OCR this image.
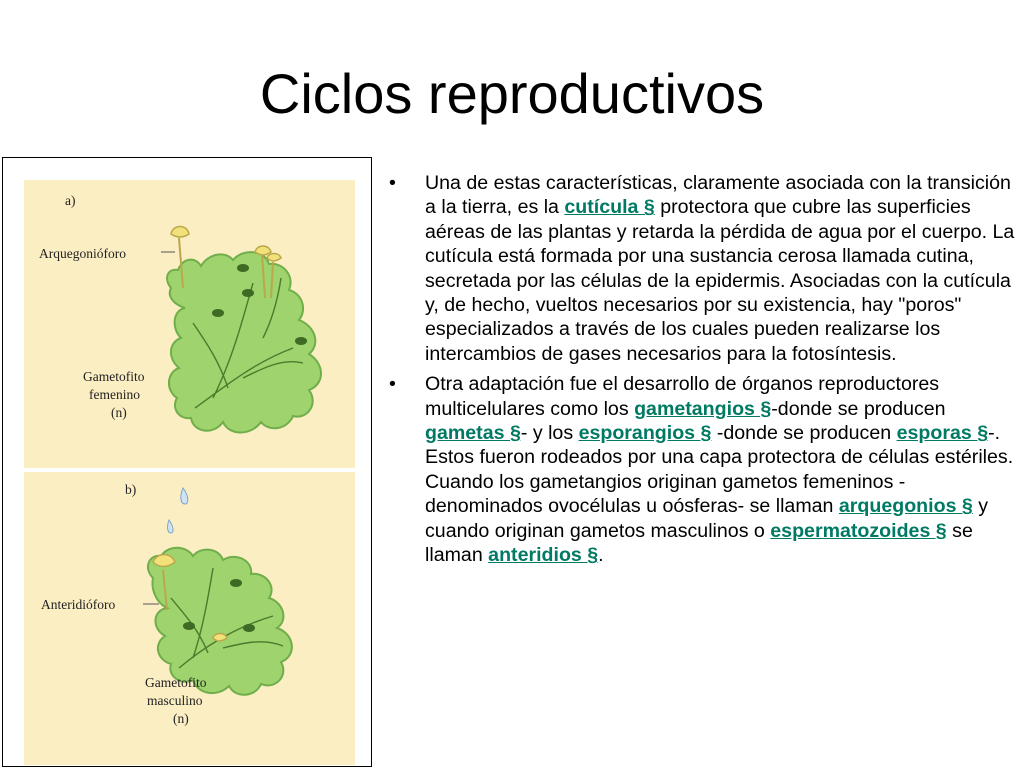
Ciclos reproductivos
a)
Arquegonióforo
Gametofito
femenino
(n)
b)
Anteridióforo
Gametofito
masculino
(n)
• Una de estas características, claramente asociada con la transición a la tierra, es la cutícula § protectora que cubre las superficies aéreas de las plantas y retarda la pérdida de agua por el cuerpo. La cutícula está formada por una sustancia cerosa llamada cutina, secretada por las células de la epidermis. Asociadas con la cutícula y, de hecho, vueltos necesarios por su existencia, hay "poros" especializados a través de los cuales pueden realizarse los intercambios de gases necesarios para la fotosíntesis.
• Otra adaptación fue el desarrollo de órganos reproductores multicelulares como los gametangios §-donde se producen gametas §- y los esporangios § -donde se producen esporas §-. Estos fueron rodeados por una capa protectora de células estériles. Cuando los gametangios originan gametos femeninos -denominados ovocélulas u oósferas- se llaman arquegonios § y cuando originan gametos masculinos o espermatozoides § se llaman anteridios §.
